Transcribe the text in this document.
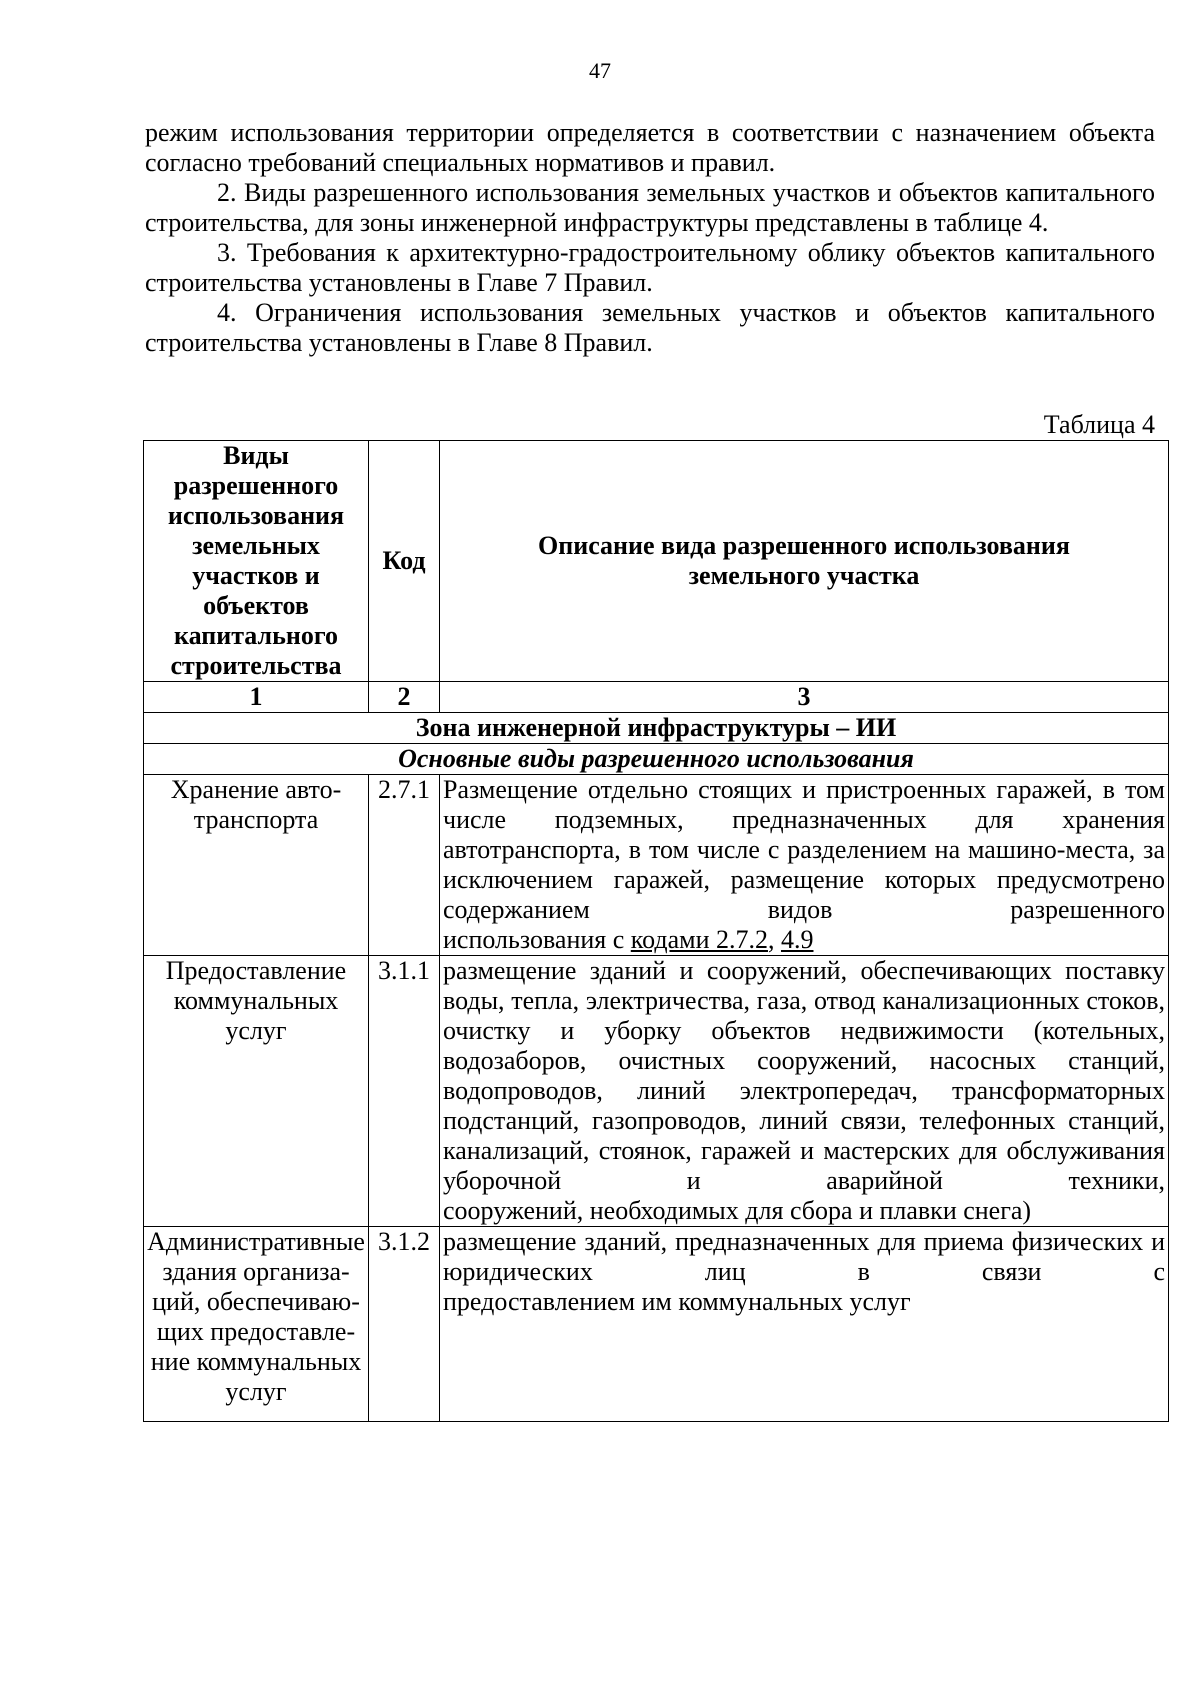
47

режим использования территории определяется в соответствии с назначением объекта согласно требований специальных нормативов и правил.

2. Виды разрешенного использования земельных участков и объектов капитального строительства, для зоны инженерной инфраструктуры представлены в таблице 4.

3. Требования к архитектурно-градостроительному облику объектов капитального строительства установлены в Главе 7 Правил.

4. Ограничения использования земельных участков и объектов капитального строительства установлены в Главе 8 Правил.

Таблица 4
Виды разрешенного использования земельных участков и объектов капитального строительства	Код	Описание вида разрешенного использования земельного участка
1	2	3
Зона инженерной инфраструктуры – ИИ		
Основные виды разрешенного использования		
Хранение авто-транспорта	2.7.1	Размещение отдельно стоящих и пристроенных гаражей, в том числе подземных, предназначенных для хранения автотранспорта, в том числе с разделением на машино-места, за исключением гаражей, размещение которых предусмотрено содержанием видов разрешенного
использования с кодами 2.7.2, 4.9

Предоставление коммунальных услуг	3.1.1	размещение зданий и сооружений, обеспечивающих поставку воды, тепла, электричества, газа, отвод канализационных стоков, очистку и уборку объектов недвижимости (котельных, водозаборов, очистных сооружений, насосных станций, водопроводов, линий электропередач, трансформаторных подстанций, газопроводов, линий связи, телефонных станций, канализаций, стоянок, гаражей и мастерских для обслуживания уборочной и аварийной техники,
сооружений, необходимых для сбора и плавки снега)

Административные здания организа-ций, обеспечиваю-щих предоставле-ние коммунальных услуг	3.1.2	размещение зданий, предназначенных для приема физических и юридических лиц в связи с
предоставлением им коммунальных услуг
